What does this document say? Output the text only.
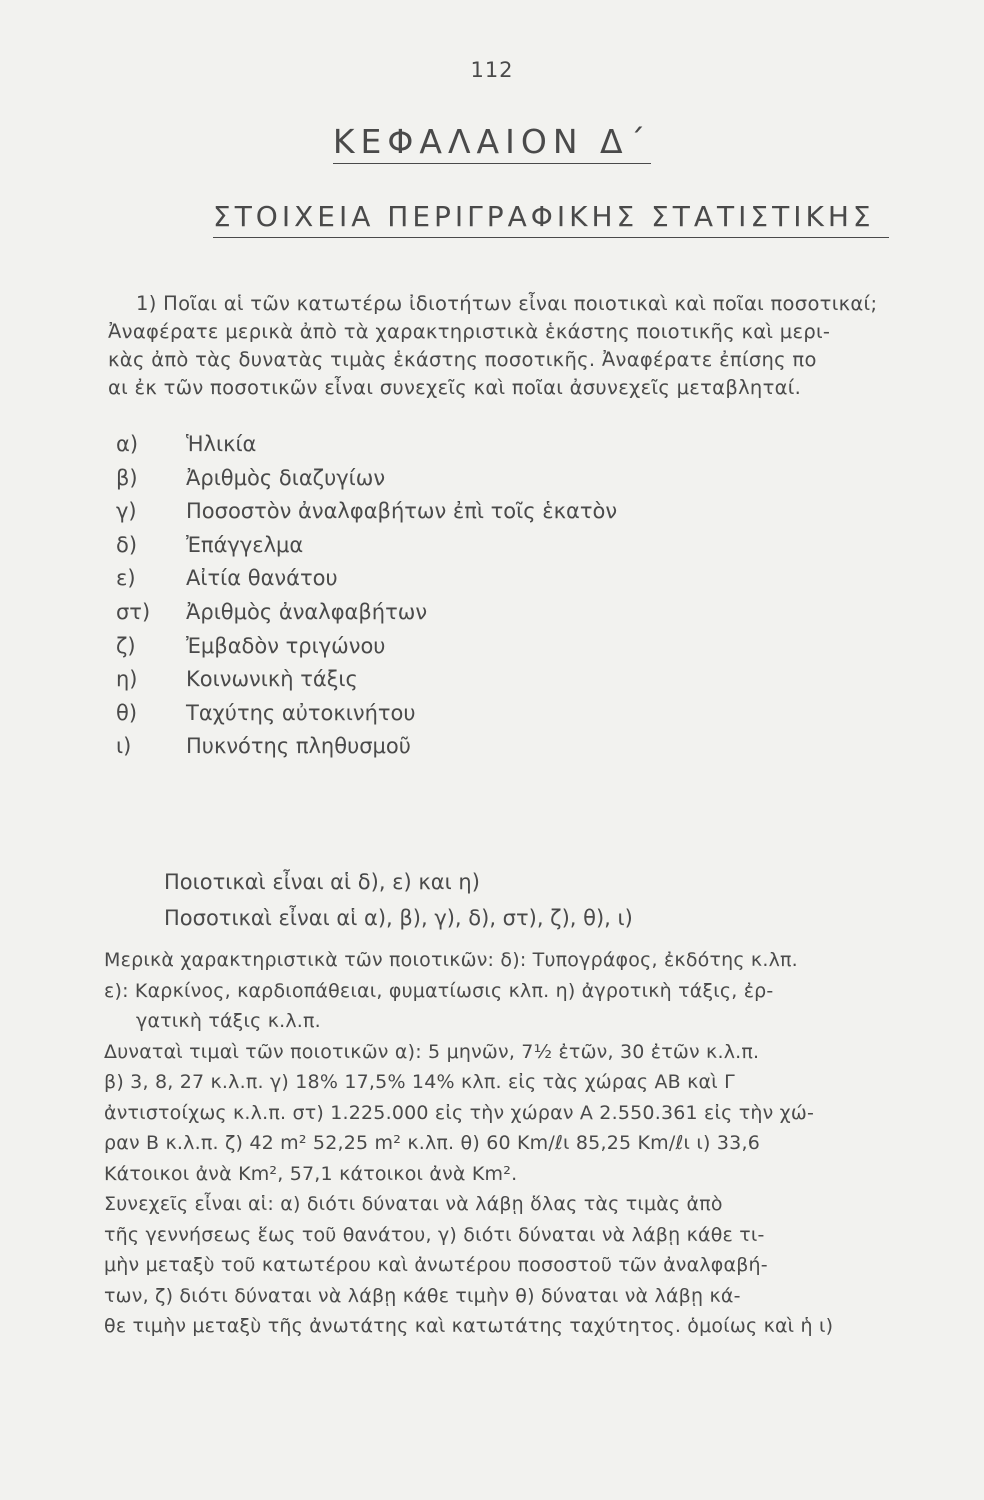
112
ΚΕΦΑΛΑΙΟΝ Δ΄
ΣΤΟΙΧΕΙΑ ΠΕΡΙΓΡΑΦΙΚΗΣ ΣΤΑΤΙΣΤΙΚΗΣ

1) Ποῖαι αἱ τῶν κατωτέρω ἰδιοτήτων εἶναι ποιοτικαὶ καὶ ποῖαι ποσοτικαί;

Ἀναφέρατε μερικὰ ἀπὸ τὰ χαρακτηριστικὰ ἑκάστης ποιοτικῆς καὶ μερι-

κὰς ἀπὸ τὰς δυνατὰς τιμὰς ἑκάστης ποσοτικῆς. Ἀναφέρατε ἐπίσης πο

αι ἐκ τῶν ποσοτικῶν εἶναι συνεχεῖς καὶ ποῖαι ἀσυνεχεῖς μεταβληταί.

α)	Ἡλικία
β)	Ἀριθμὸς διαζυγίων
γ)	Ποσοστὸν ἀναλφαβήτων ἐπὶ τοῖς ἑκατὸν
δ)	Ἐπάγγελμα
ε)	Αἰτία θανάτου
στ)	Ἀριθμὸς ἀναλφαβήτων
ζ)	Ἐμβαδὸν τριγώνου
η)	Κοινωνικὴ τάξις
θ)	Ταχύτης αὐτοκινήτου
ι)	Πυκνότης πληθυσμοῦ
Ποιοτικαὶ εἶναι αἱ δ), ε) και η)
Ποσοτικαὶ εἶναι αἱ α), β), γ), δ), στ), ζ), θ), ι)

Μερικὰ χαρακτηριστικὰ τῶν ποιοτικῶν: δ): Τυπογράφος, ἐκδότης κ.λπ.

ε): Καρκίνος, καρδιοπάθειαι, φυματίωσις κλπ. η) ἀγροτικὴ τάξις, ἐρ-

γατικὴ τάξις κ.λ.π.

Δυναταὶ τιμαὶ τῶν ποιοτικῶν α): 5 μηνῶν, 7½ ἐτῶν, 30 ἐτῶν κ.λ.π.

β) 3, 8, 27 κ.λ.π. γ) 18% 17,5% 14% κλπ. εἰς τὰς χώρας ΑΒ καὶ Γ

ἀντιστοίχως κ.λ.π. στ) 1.225.000 εἰς τὴν χώραν Α 2.550.361 εἰς τὴν χώ-

ραν Β κ.λ.π. ζ) 42 m² 52,25 m² κ.λπ. θ) 60 Km/ℓι 85,25 Km/ℓι ι) 33,6

Κάτοικοι ἀνὰ Km², 57,1 κάτοικοι ἀνὰ Km².

Συνεχεῖς εἶναι αἱ: α) διότι δύναται νὰ λάβῃ ὅλας τὰς τιμὰς ἀπὸ

τῆς γεννήσεως ἕως τοῦ θανάτου, γ) διότι δύναται νὰ λάβῃ κάθε τι-

μὴν μεταξὺ τοῦ κατωτέρου καὶ ἀνωτέρου ποσοστοῦ τῶν ἀναλφαβή-

των, ζ) διότι δύναται νὰ λάβῃ κάθε τιμὴν θ) δύναται νὰ λάβῃ κά-

θε τιμὴν μεταξὺ τῆς ἀνωτάτης καὶ κατωτάτης ταχύτητος. ὁμοίως καὶ ἡ ι)
